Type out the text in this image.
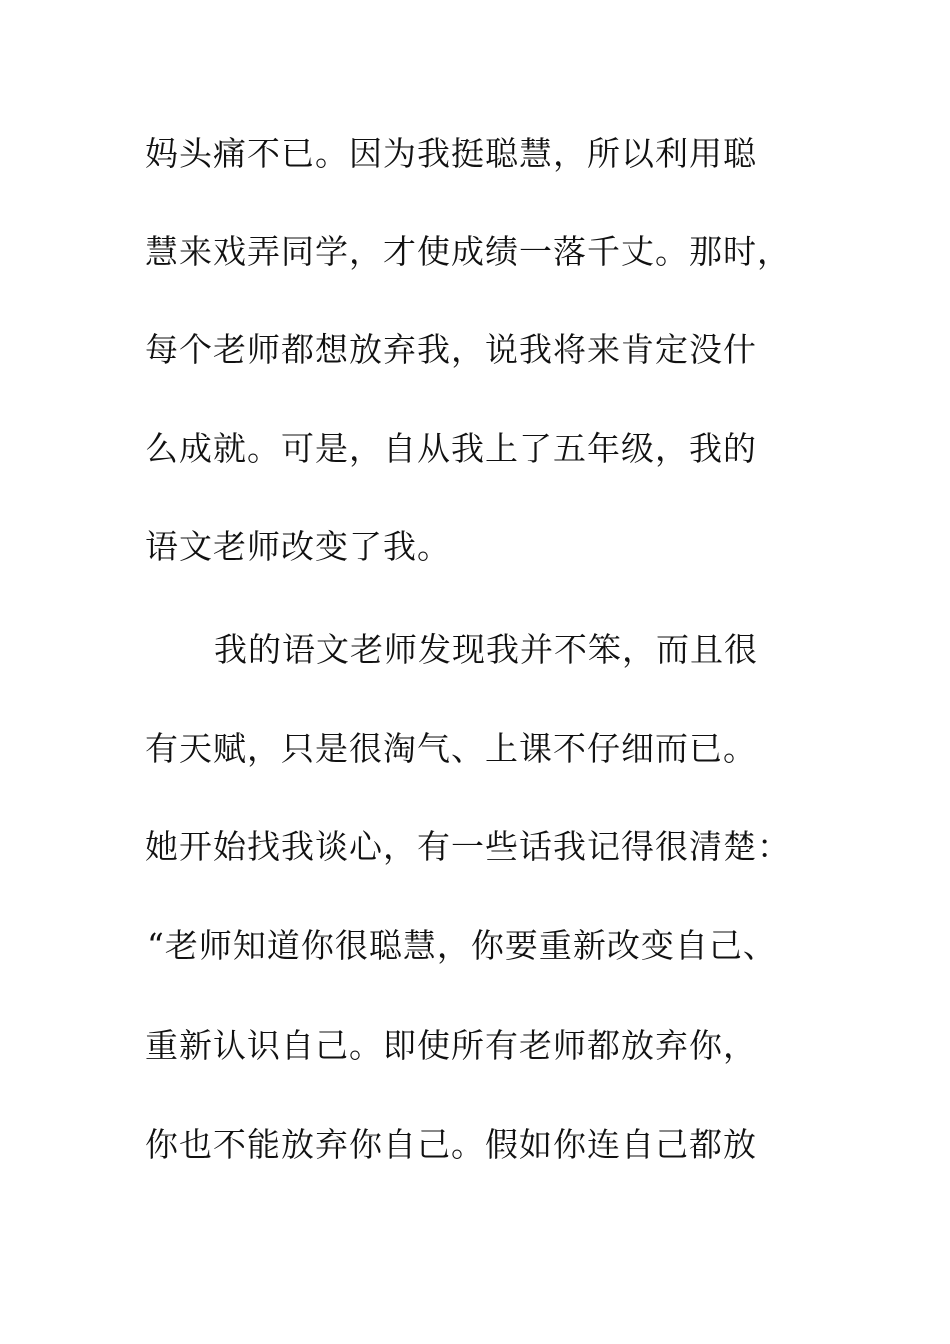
妈头痛不已。因为我挺聪慧，所以利用聪
慧来戏弄同学，才使成绩一落千丈。那时，
每个老师都想放弃我，说我将来肯定没什
么成就。可是，自从我上了五年级，我的
语文老师改变了我。
我的语文老师发现我并不笨，而且很
有天赋，只是很淘气、上课不仔细而已。
她开始找我谈心，有一些话我记得很清楚：
“老师知道你很聪慧，你要重新改变自己、
重新认识自己。即使所有老师都放弃你，
你也不能放弃你自己。假如你连自己都放
